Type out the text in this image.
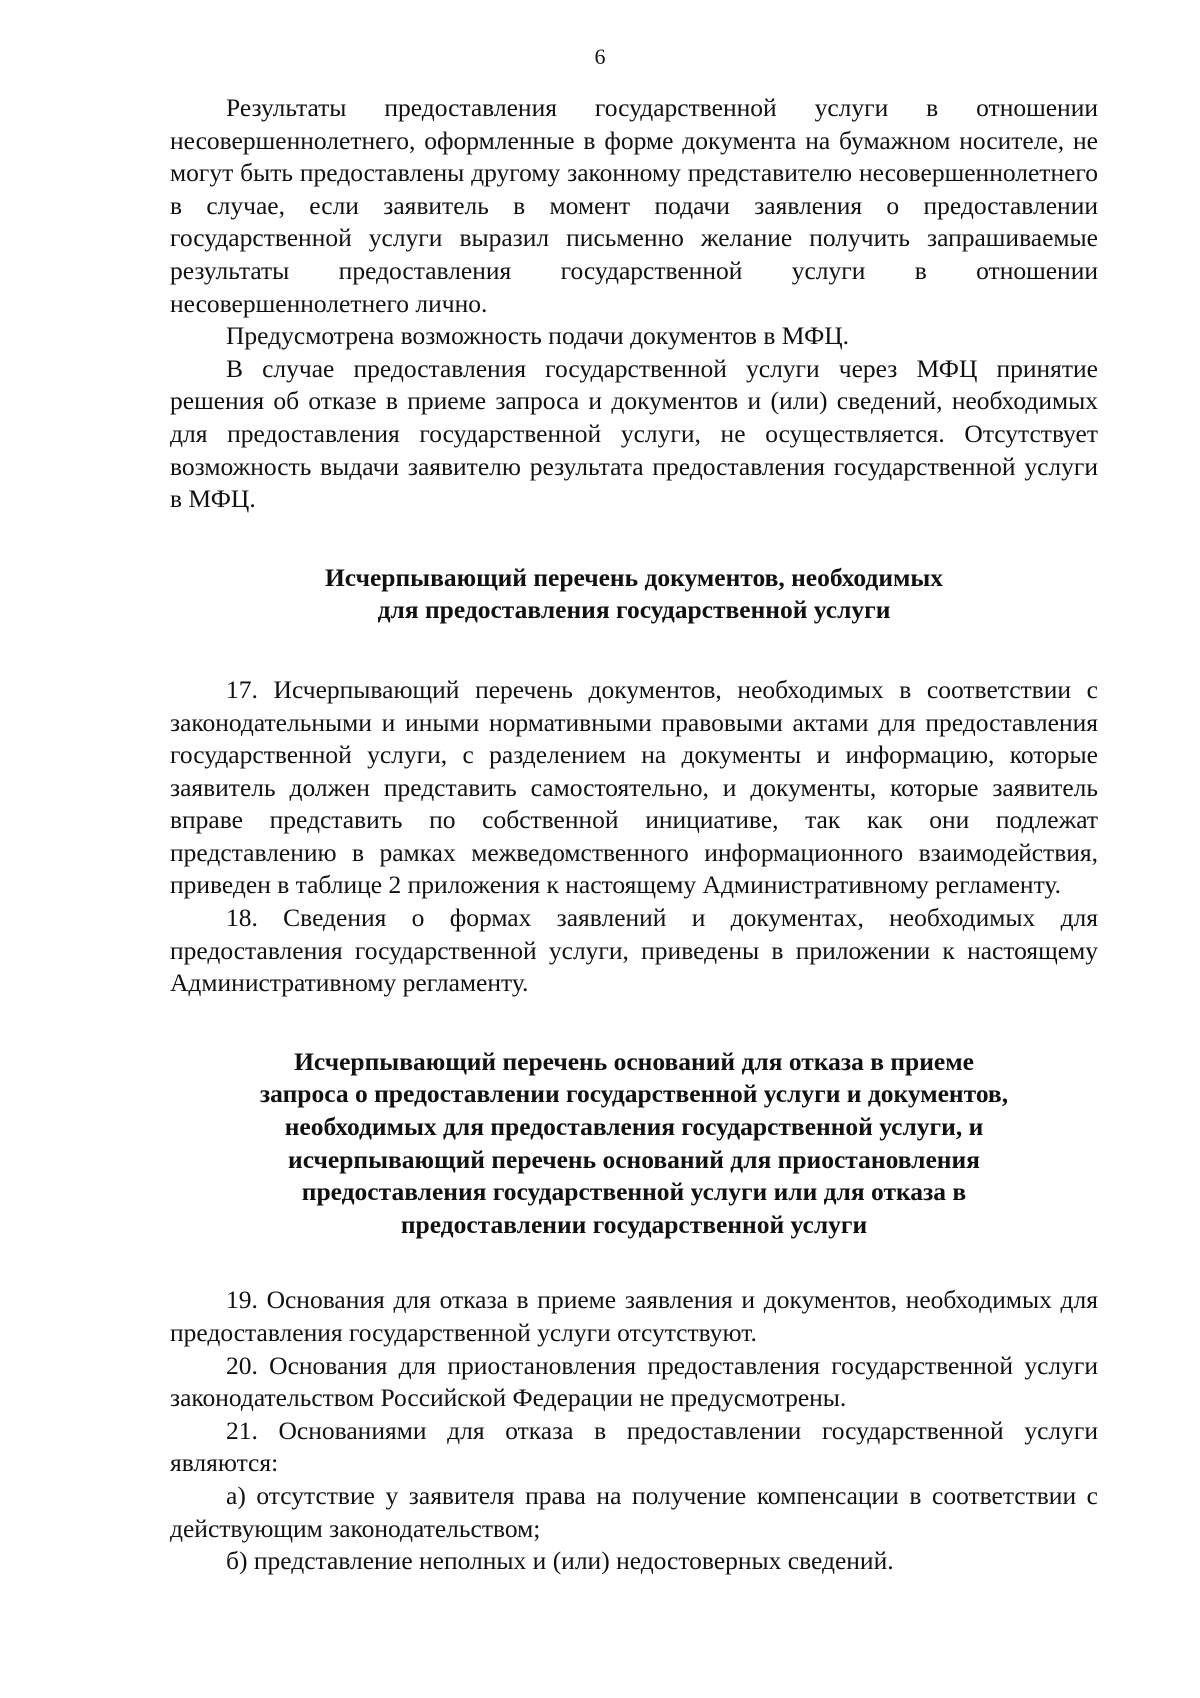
6

Результаты предоставления государственной услуги в отношении несовершеннолетнего, оформленные в форме документа на бумажном носителе, не могут быть предоставлены другому законному представителю несовершеннолетнего в случае, если заявитель в момент подачи заявления о предоставлении государственной услуги выразил письменно желание получить запрашиваемые результаты предоставления государственной услуги в отношении несовершеннолетнего лично.

Предусмотрена возможность подачи документов в МФЦ.

В случае предоставления государственной услуги через МФЦ принятие решения об отказе в приеме запроса и документов и (или) сведений, необходимых для предоставления государственной услуги, не осуществляется. Отсутствует возможность выдачи заявителю результата предоставления государственной услуги в МФЦ.

Исчерпывающий перечень документов, необходимых
для предоставления государственной услуги

17. Исчерпывающий перечень документов, необходимых в соответствии с законодательными и иными нормативными правовыми актами для предоставления государственной услуги, с разделением на документы и информацию, которые заявитель должен представить самостоятельно, и документы, которые заявитель вправе представить по собственной инициативе, так как они подлежат представлению в рамках межведомственного информационного взаимодействия, приведен в таблице 2 приложения к настоящему Административному регламенту.

18. Сведения о формах заявлений и документах, необходимых для предоставления государственной услуги, приведены в приложении к настоящему Административному регламенту.

Исчерпывающий перечень оснований для отказа в приеме
запроса о предоставлении государственной услуги и документов,
необходимых для предоставления государственной услуги, и
исчерпывающий перечень оснований для приостановления
предоставления государственной услуги или для отказа в
предоставлении государственной услуги

19. Основания для отказа в приеме заявления и документов, необходимых для предоставления государственной услуги отсутствуют.

20. Основания для приостановления предоставления государственной услуги законодательством Российской Федерации не предусмотрены.

21. Основаниями для отказа в предоставлении государственной услуги являются:

а) отсутствие у заявителя права на получение компенсации в соответствии с действующим законодательством;

б) представление неполных и (или) недостоверных сведений.
